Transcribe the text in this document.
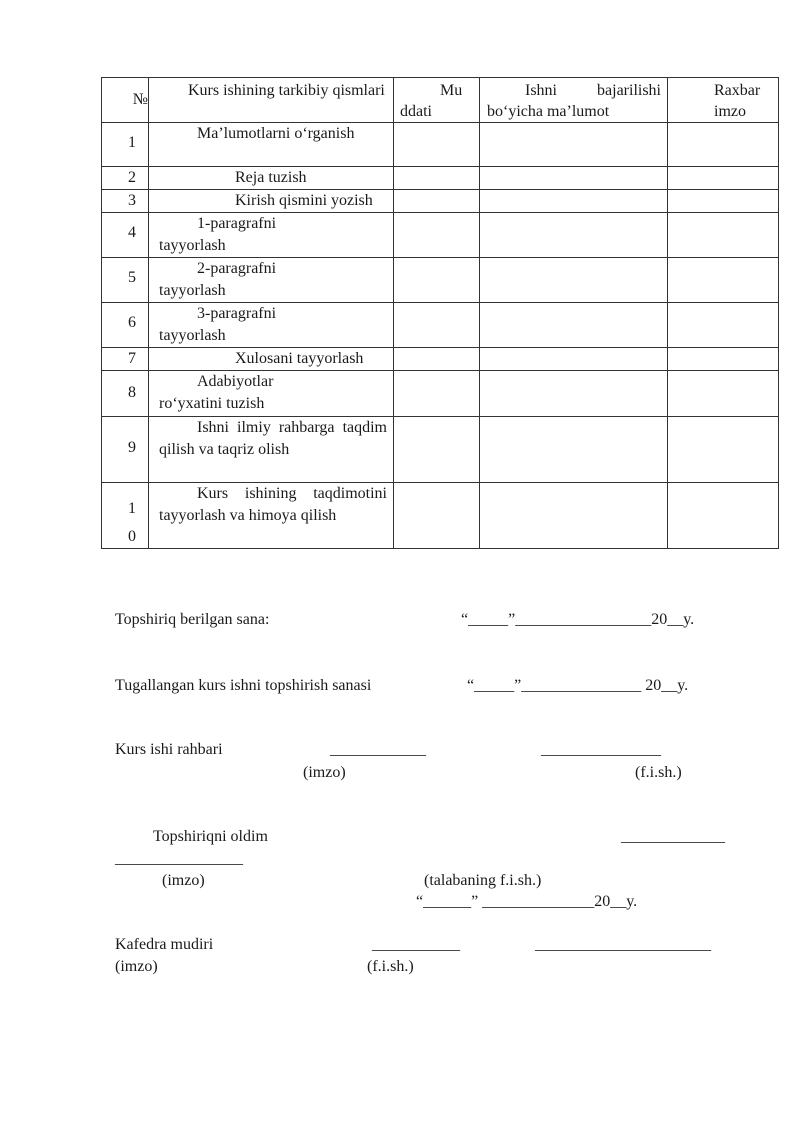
№	Kurs ishining tarkibiy qismlari	Mu ddati	Ishni bajarilishi bo‘yicha ma’lumot	Raxbar imzo

1	Ma’lumotlarni o‘rganish			

2	Reja tuzish			

3	Kirish qismini yozish			

4	1-paragrafni tayyorlash			

5	2-paragrafni tayyorlash			

6	3-paragrafni tayyorlash			

7	Xulosani tayyorlash			

8	Adabiyotlar ro‘yxatini tuzish			

9	Ishni ilmiy rahbarga taqdim qilish va taqriz olish			

10	Kurs ishining taqdimotini tayyorlash va himoya qilish			

Topshiriq berilgan sana:	“_____”_________________20__y.
Tugallangan kurs ishni topshirish sanasi	“_____”_______________ 20__y.
Kurs ishi rahbari	____________	_______________
(imzo)	(f.i.sh.)
Topshiriqni oldim	_____________
________________
(imzo)	(talabaning f.i.sh.)
“______” ______________20__y.
Kafedra mudiri	___________	______________________
(imzo)	(f.i.sh.)
